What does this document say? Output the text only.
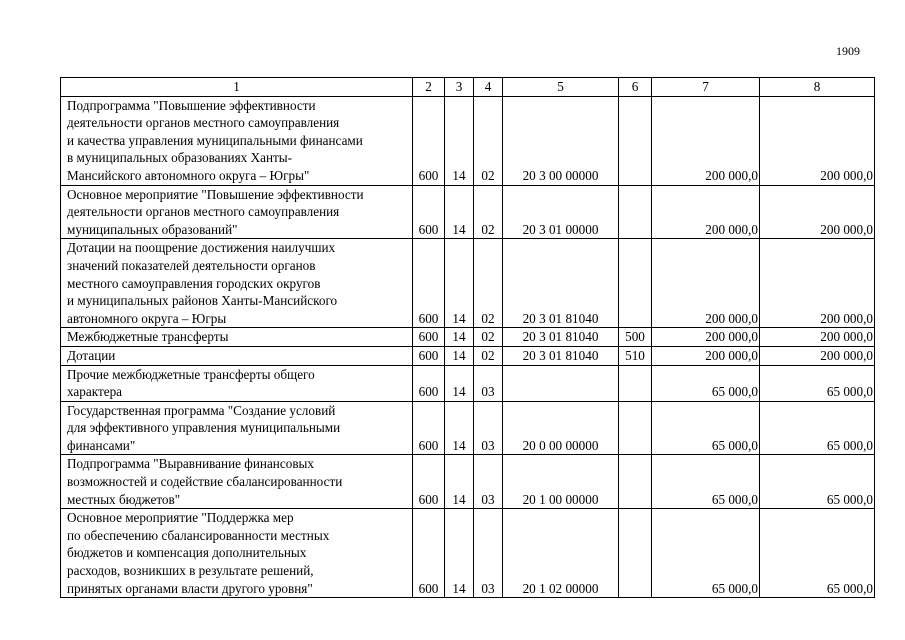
1909
1	2	3	4	5	6	7	8
Подпрограмма "Повышение эффективности
деятельности органов местного самоуправления
и качества управления муниципальными финансами
в муниципальных образованиях Ханты-
Мансийского автономного округа – Югры"	600	14	02	20 3 00 00000		200 000,0	200 000,0
Основное мероприятие "Повышение эффективности
деятельности органов местного самоуправления
муниципальных образований"	600	14	02	20 3 01 00000		200 000,0	200 000,0
Дотации на поощрение достижения наилучших
значений показателей деятельности органов
местного самоуправления городских округов
и муниципальных районов Ханты-Мансийского
автономного округа – Югры	600	14	02	20 3 01 81040		200 000,0	200 000,0
Межбюджетные трансферты	600	14	02	20 3 01 81040	500	200 000,0	200 000,0
Дотации	600	14	02	20 3 01 81040	510	200 000,0	200 000,0
Прочие межбюджетные трансферты общего
характера	600	14	03			65 000,0	65 000,0
Государственная программа "Создание условий
для эффективного управления муниципальными
финансами"	600	14	03	20 0 00 00000		65 000,0	65 000,0
Подпрограмма "Выравнивание финансовых
возможностей и содействие сбалансированности
местных бюджетов"	600	14	03	20 1 00 00000		65 000,0	65 000,0
Основное мероприятие "Поддержка мер
по обеспечению сбалансированности местных
бюджетов и компенсация дополнительных
расходов, возникших в результате решений,
принятых органами власти другого уровня"	600	14	03	20 1 02 00000		65 000,0	65 000,0
